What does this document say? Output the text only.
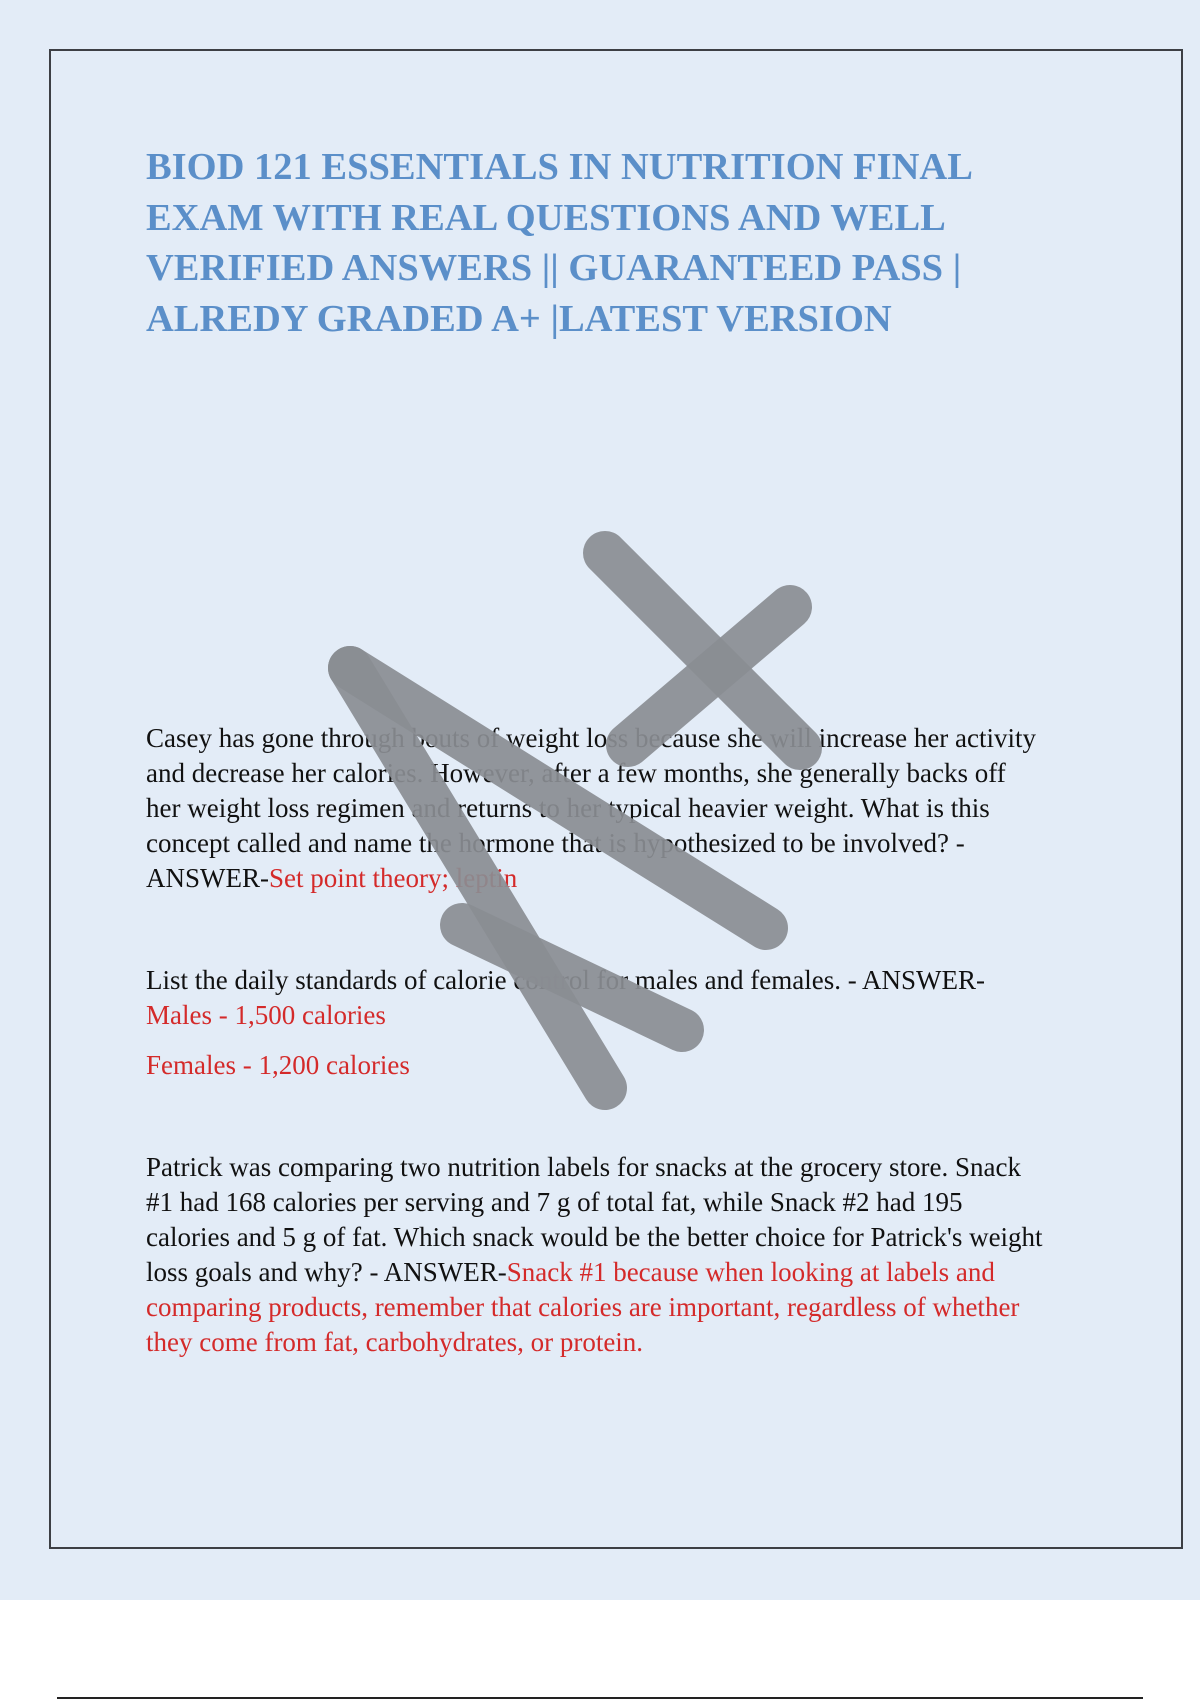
BIOD 121 ESSENTIALS IN NUTRITION FINAL
EXAM WITH REAL QUESTIONS AND WELL
VERIFIED ANSWERS || GUARANTEED PASS |
ALREDY GRADED A+ |LATEST VERSION

Casey has gone through bouts of weight loss because she will increase her activity
and decrease her calories. However, after a few months, she generally backs off
her weight loss regimen and returns to her typical heavier weight. What is this
concept called and name the hormone that is hypothesized to be involved? -
ANSWER-Set point theory; leptin

List the daily standards of calorie control for males and females. - ANSWER-
Males - 1,500 calories
Females - 1,200 calories

Patrick was comparing two nutrition labels for snacks at the grocery store. Snack
#1 had 168 calories per serving and 7 g of total fat, while Snack #2 had 195
calories and 5 g of fat. Which snack would be the better choice for Patrick's weight
loss goals and why? - ANSWER-Snack #1 because when looking at labels and
comparing products, remember that calories are important, regardless of whether
they come from fat, carbohydrates, or protein.
